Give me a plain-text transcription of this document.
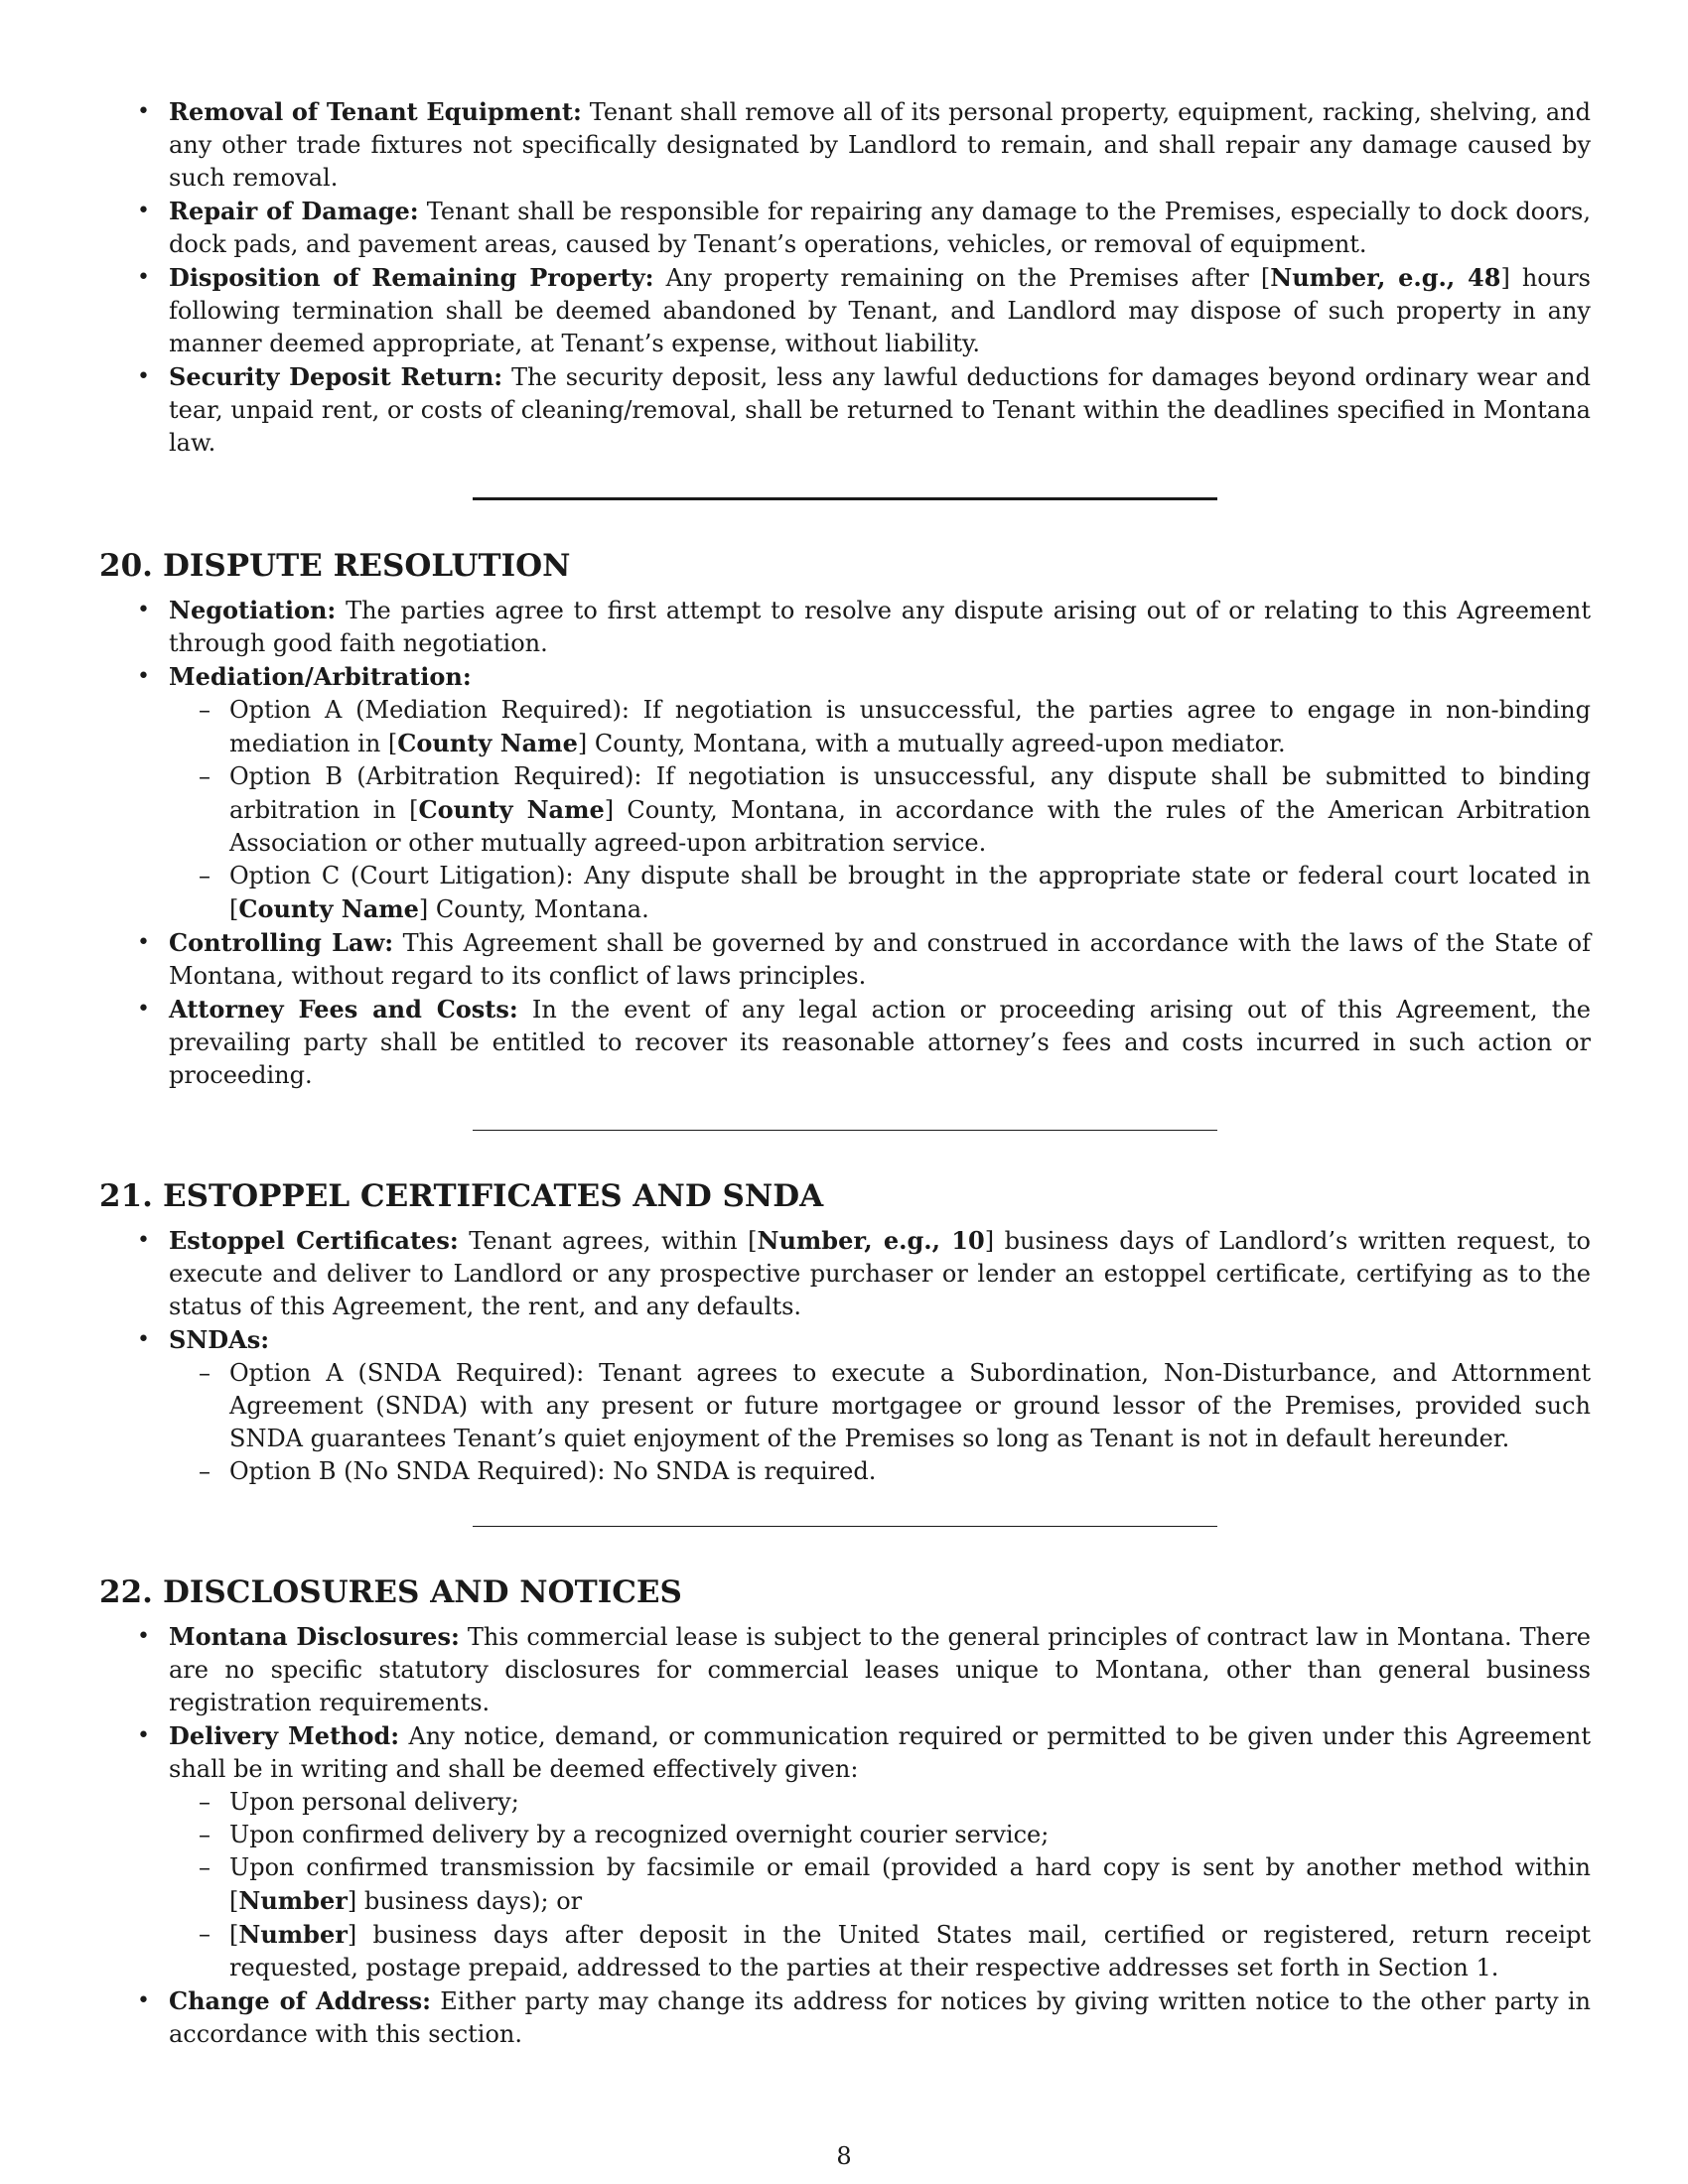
• Removal of Tenant Equipment: Tenant shall remove all of its personal property, equipment, racking, shelving, and any other trade fixtures not specifically designated by Landlord to remain, and shall repair any damage caused by such removal.
• Repair of Damage: Tenant shall be responsible for repairing any damage to the Premises, especially to dock doors, dock pads, and pavement areas, caused by Tenant’s operations, vehicles, or removal of equipment.
• Disposition of Remaining Property: Any property remaining on the Premises after [Number, e.g., 48] hours following termination shall be deemed abandoned by Tenant, and Landlord may dispose of such property in any manner deemed appropriate, at Tenant’s expense, without liability.
• Security Deposit Return: The security deposit, less any lawful deductions for damages beyond ordinary wear and tear, unpaid rent, or costs of cleaning/removal, shall be returned to Tenant within the deadlines specified in Montana law.
20. DISPUTE RESOLUTION
• Negotiation: The parties agree to first attempt to resolve any dispute arising out of or relating to this Agreement through good faith negotiation.
• Mediation/Arbitration:
– Option A (Mediation Required): If negotiation is unsuccessful, the parties agree to engage in non-binding mediation in [County Name] County, Montana, with a mutually agreed-upon mediator.
– Option B (Arbitration Required): If negotiation is unsuccessful, any dispute shall be submitted to binding arbitration in [County Name] County, Montana, in accordance with the rules of the American Arbitration Association or other mutually agreed-upon arbitration service.
– Option C (Court Litigation): Any dispute shall be brought in the appropriate state or federal court located in [County Name] County, Montana.
• Controlling Law: This Agreement shall be governed by and construed in accordance with the laws of the State of Montana, without regard to its conflict of laws principles.
• Attorney Fees and Costs: In the event of any legal action or proceeding arising out of this Agreement, the prevailing party shall be entitled to recover its reasonable attorney’s fees and costs incurred in such action or proceeding.
21. ESTOPPEL CERTIFICATES AND SNDA
• Estoppel Certificates: Tenant agrees, within [Number, e.g., 10] business days of Landlord’s written request, to execute and deliver to Landlord or any prospective purchaser or lender an estoppel certificate, certifying as to the status of this Agreement, the rent, and any defaults.
• SNDAs:
– Option A (SNDA Required): Tenant agrees to execute a Subordination, Non-Disturbance, and Attornment Agreement (SNDA) with any present or future mortgagee or ground lessor of the Premises, provided such SNDA guarantees Tenant’s quiet enjoyment of the Premises so long as Tenant is not in default hereunder.
– Option B (No SNDA Required): No SNDA is required.
22. DISCLOSURES AND NOTICES
• Montana Disclosures: This commercial lease is subject to the general principles of contract law in Montana. There are no specific statutory disclosures for commercial leases unique to Montana, other than general business registration requirements.
• Delivery Method: Any notice, demand, or communication required or permitted to be given under this Agreement shall be in writing and shall be deemed effectively given:
– Upon personal delivery;
– Upon confirmed delivery by a recognized overnight courier service;
– Upon confirmed transmission by facsimile or email (provided a hard copy is sent by another method within [Number] business days); or
– [Number] business days after deposit in the United States mail, certified or registered, return receipt requested, postage prepaid, addressed to the parties at their respective addresses set forth in Section 1.
• Change of Address: Either party may change its address for notices by giving written notice to the other party in accordance with this section.
8
